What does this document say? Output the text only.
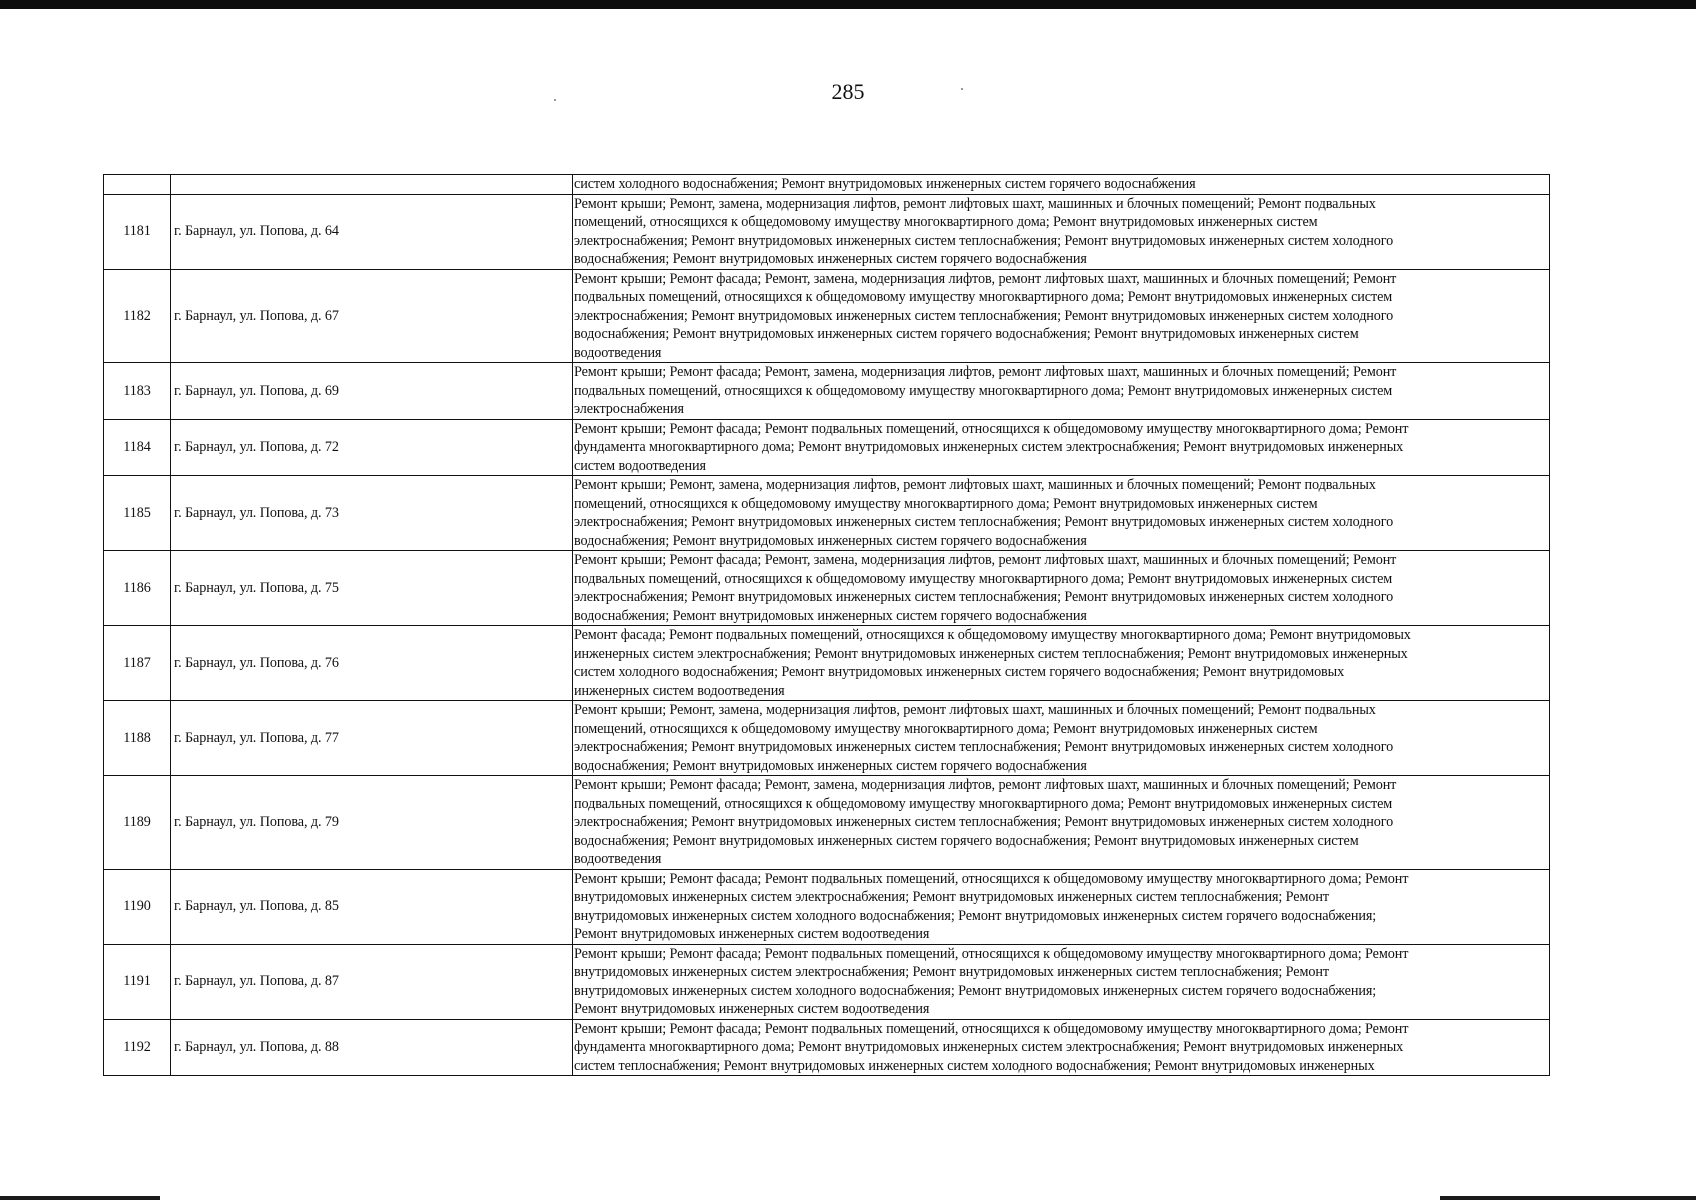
285

		систем холодного водоснабжения; Ремонт внутридомовых инженерных систем горячего водоснабжения

1181	г. Барнаул, ул. Попова, д. 64	Ремонт крыши; Ремонт, замена, модернизация лифтов, ремонт лифтовых шахт, машинных и блочных помещений; Ремонт подвальных
помещений, относящихся к общедомовому имуществу многоквартирного дома; Ремонт внутридомовых инженерных систем
электроснабжения; Ремонт внутридомовых инженерных систем теплоснабжения; Ремонт внутридомовых инженерных систем холодного
водоснабжения; Ремонт внутридомовых инженерных систем горячего водоснабжения

1182	г. Барнаул, ул. Попова, д. 67	Ремонт крыши; Ремонт фасада; Ремонт, замена, модернизация лифтов, ремонт лифтовых шахт, машинных и блочных помещений; Ремонт
подвальных помещений, относящихся к общедомовому имуществу многоквартирного дома; Ремонт внутридомовых инженерных систем
электроснабжения; Ремонт внутридомовых инженерных систем теплоснабжения; Ремонт внутридомовых инженерных систем холодного
водоснабжения; Ремонт внутридомовых инженерных систем горячего водоснабжения; Ремонт внутридомовых инженерных систем
водоотведения

1183	г. Барнаул, ул. Попова, д. 69	Ремонт крыши; Ремонт фасада; Ремонт, замена, модернизация лифтов, ремонт лифтовых шахт, машинных и блочных помещений; Ремонт
подвальных помещений, относящихся к общедомовому имуществу многоквартирного дома; Ремонт внутридомовых инженерных систем
электроснабжения

1184	г. Барнаул, ул. Попова, д. 72	Ремонт крыши; Ремонт фасада; Ремонт подвальных помещений, относящихся к общедомовому имуществу многоквартирного дома; Ремонт
фундамента многоквартирного дома; Ремонт внутридомовых инженерных систем электроснабжения; Ремонт внутридомовых инженерных
систем водоотведения

1185	г. Барнаул, ул. Попова, д. 73	Ремонт крыши; Ремонт, замена, модернизация лифтов, ремонт лифтовых шахт, машинных и блочных помещений; Ремонт подвальных
помещений, относящихся к общедомовому имуществу многоквартирного дома; Ремонт внутридомовых инженерных систем
электроснабжения; Ремонт внутридомовых инженерных систем теплоснабжения; Ремонт внутридомовых инженерных систем холодного
водоснабжения; Ремонт внутридомовых инженерных систем горячего водоснабжения

1186	г. Барнаул, ул. Попова, д. 75	Ремонт крыши; Ремонт фасада; Ремонт, замена, модернизация лифтов, ремонт лифтовых шахт, машинных и блочных помещений; Ремонт
подвальных помещений, относящихся к общедомовому имуществу многоквартирного дома; Ремонт внутридомовых инженерных систем
электроснабжения; Ремонт внутридомовых инженерных систем теплоснабжения; Ремонт внутридомовых инженерных систем холодного
водоснабжения; Ремонт внутридомовых инженерных систем горячего водоснабжения

1187	г. Барнаул, ул. Попова, д. 76	Ремонт фасада; Ремонт подвальных помещений, относящихся к общедомовому имуществу многоквартирного дома; Ремонт внутридомовых
инженерных систем электроснабжения; Ремонт внутридомовых инженерных систем теплоснабжения; Ремонт внутридомовых инженерных
систем холодного водоснабжения; Ремонт внутридомовых инженерных систем горячего водоснабжения; Ремонт внутридомовых
инженерных систем водоотведения

1188	г. Барнаул, ул. Попова, д. 77	Ремонт крыши; Ремонт, замена, модернизация лифтов, ремонт лифтовых шахт, машинных и блочных помещений; Ремонт подвальных
помещений, относящихся к общедомовому имуществу многоквартирного дома; Ремонт внутридомовых инженерных систем
электроснабжения; Ремонт внутридомовых инженерных систем теплоснабжения; Ремонт внутридомовых инженерных систем холодного
водоснабжения; Ремонт внутридомовых инженерных систем горячего водоснабжения

1189	г. Барнаул, ул. Попова, д. 79	Ремонт крыши; Ремонт фасада; Ремонт, замена, модернизация лифтов, ремонт лифтовых шахт, машинных и блочных помещений; Ремонт
подвальных помещений, относящихся к общедомовому имуществу многоквартирного дома; Ремонт внутридомовых инженерных систем
электроснабжения; Ремонт внутридомовых инженерных систем теплоснабжения; Ремонт внутридомовых инженерных систем холодного
водоснабжения; Ремонт внутридомовых инженерных систем горячего водоснабжения; Ремонт внутридомовых инженерных систем
водоотведения

1190	г. Барнаул, ул. Попова, д. 85	Ремонт крыши; Ремонт фасада; Ремонт подвальных помещений, относящихся к общедомовому имуществу многоквартирного дома; Ремонт
внутридомовых инженерных систем электроснабжения; Ремонт внутридомовых инженерных систем теплоснабжения; Ремонт
внутридомовых инженерных систем холодного водоснабжения; Ремонт внутридомовых инженерных систем горячего водоснабжения;
Ремонт внутридомовых инженерных систем водоотведения

1191	г. Барнаул, ул. Попова, д. 87	Ремонт крыши; Ремонт фасада; Ремонт подвальных помещений, относящихся к общедомовому имуществу многоквартирного дома; Ремонт
внутридомовых инженерных систем электроснабжения; Ремонт внутридомовых инженерных систем теплоснабжения; Ремонт
внутридомовых инженерных систем холодного водоснабжения; Ремонт внутридомовых инженерных систем горячего водоснабжения;
Ремонт внутридомовых инженерных систем водоотведения

1192	г. Барнаул, ул. Попова, д. 88	Ремонт крыши; Ремонт фасада; Ремонт подвальных помещений, относящихся к общедомовому имуществу многоквартирного дома; Ремонт
фундамента многоквартирного дома; Ремонт внутридомовых инженерных систем электроснабжения; Ремонт внутридомовых инженерных
систем теплоснабжения; Ремонт внутридомовых инженерных систем холодного водоснабжения; Ремонт внутридомовых инженерных
